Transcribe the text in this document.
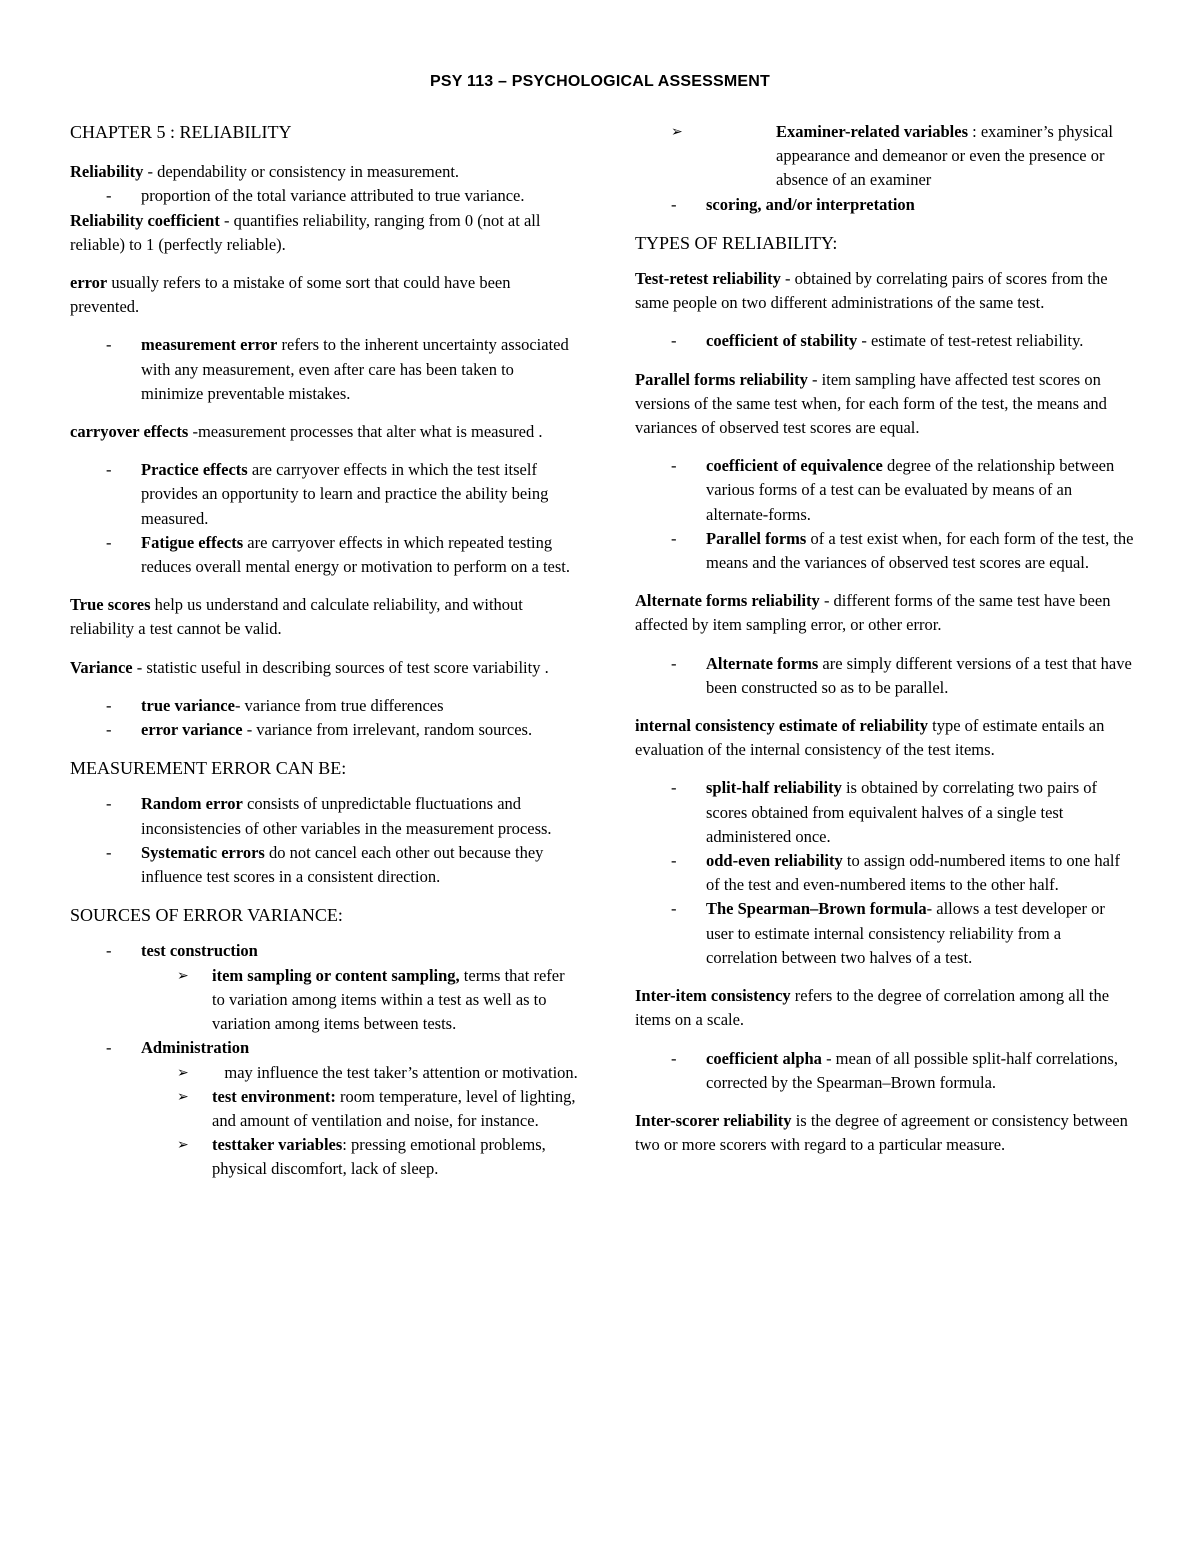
PSY 113 – PSYCHOLOGICAL ASSESSMENT

CHAPTER 5 : RELIABILITY

Reliability - dependability or consistency in measurement.

- proportion of the total variance attributed to true variance.

Reliability coefficient - quantifies reliability, ranging from 0 (not at all reliable) to 1 (perfectly reliable).

error usually refers to a mistake of some sort that could have been prevented.

- measurement error refers to the inherent uncertainty associated with any measurement, even after care has been taken to minimize preventable mistakes.

carryover effects -measurement processes that alter what is measured .

- Practice effects are carryover effects in which the test itself provides an opportunity to learn and practice the ability being measured.
- Fatigue effects are carryover effects in which repeated testing reduces overall mental energy or motivation to perform on a test.

True scores help us understand and calculate reliability, and without reliability a test cannot be valid.

Variance - statistic useful in describing sources of test score variability .

- true variance- variance from true differences
- error variance - variance from irrelevant, random sources.

MEASUREMENT ERROR CAN BE:

- Random error consists of unpredictable fluctuations and inconsistencies of other variables in the measurement process.
- Systematic errors do not cancel each other out because they influence test scores in a consistent direction.

SOURCES OF ERROR VARIANCE:

- test construction
➢ item sampling or content sampling, terms that refer to variation among items within a test as well as to variation among items between tests.
- Administration
➢    may influence the test taker’s attention or motivation.
➢ test environment: room temperature, level of lighting, and amount of ventilation and noise, for instance.
➢ testtaker variables: pressing emotional problems, physical discomfort, lack of sleep.
➢ Examiner-related variables : examiner’s physical appearance and demeanor or even the presence or absence of an examiner
- scoring, and/or interpretation

TYPES OF RELIABILITY:

Test-retest reliability - obtained by correlating pairs of scores from the same people on two different administrations of the same test.

- coefficient of stability - estimate of test-retest reliability.

Parallel forms reliability - item sampling have affected test scores on versions of the same test when, for each form of the test, the means and variances of observed test scores are equal.

- coefficient of equivalence degree of the relationship between various forms of a test can be evaluated by means of an alternate-forms.
- Parallel forms of a test exist when, for each form of the test, the means and the variances of observed test scores are equal.

Alternate forms reliability - different forms of the same test have been affected by item sampling error, or other error.

- Alternate forms are simply different versions of a test that have been constructed so as to be parallel.

internal consistency estimate of reliability type of estimate entails an evaluation of the internal consistency of the test items.

- split-half reliability is obtained by correlating two pairs of scores obtained from equivalent halves of a single test administered once.
- odd-even reliability to assign odd-numbered items to one half of the test and even-numbered items to the other half.
- The Spearman–Brown formula- allows a test developer or user to estimate internal consistency reliability from a correlation between two halves of a test.

Inter-item consistency refers to the degree of correlation among all the items on a scale.

- coefficient alpha - mean of all possible split-half correlations, corrected by the Spearman–Brown formula.

Inter-scorer reliability is the degree of agreement or consistency between two or more scorers with regard to a particular measure.
